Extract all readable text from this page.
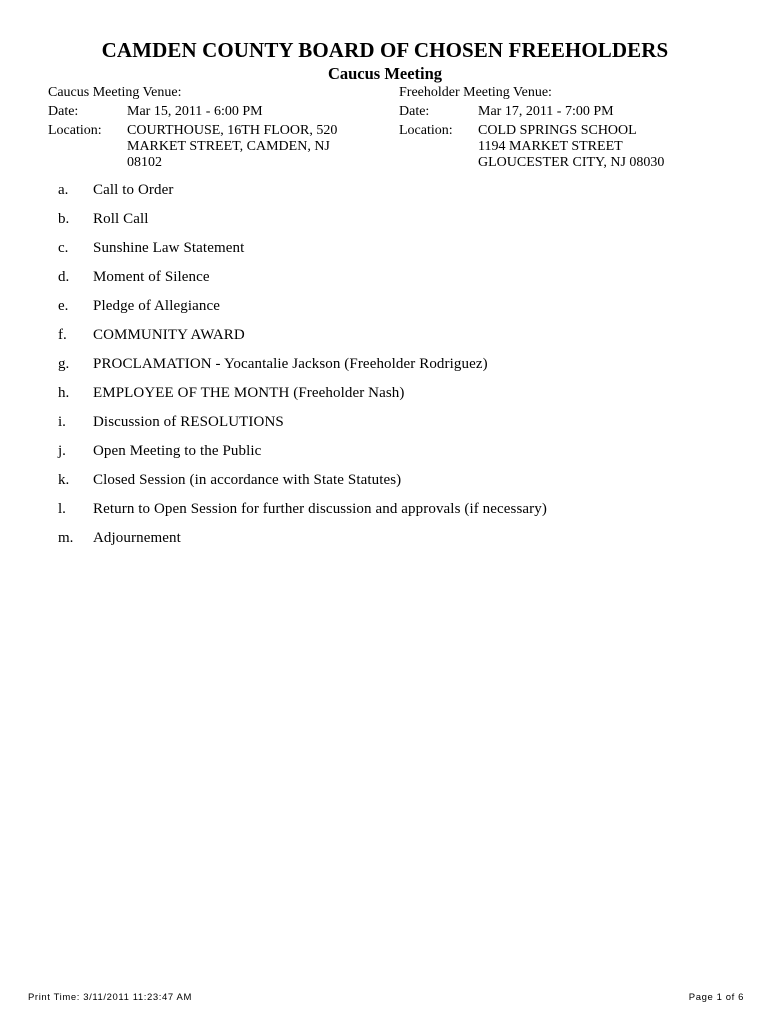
CAMDEN COUNTY BOARD OF CHOSEN FREEHOLDERS
Caucus Meeting
Caucus Meeting Venue:
Date:	Mar 15, 2011 - 6:00 PM
Location:	COURTHOUSE, 16TH FLOOR, 520
MARKET STREET, CAMDEN, NJ
08102
Freeholder Meeting Venue:
Date:	Mar 17, 2011 - 7:00 PM
Location:	COLD SPRINGS SCHOOL
1194 MARKET STREET
GLOUCESTER CITY, NJ 08030
a.	Call to Order
b.	Roll Call
c.	Sunshine Law Statement
d.	Moment of Silence
e.	Pledge of Allegiance
f.	COMMUNITY AWARD
g.	PROCLAMATION - Yocantalie Jackson (Freeholder Rodriguez)
h.	EMPLOYEE OF THE MONTH (Freeholder Nash)
i.	Discussion of RESOLUTIONS
j.	Open Meeting to the Public
k.	Closed Session (in accordance with State Statutes)
l.	Return to Open Session for further discussion and approvals (if necessary)
m.	Adjournement
Print Time: 3/11/2011 11:23:47 AM	Page 1 of 6
